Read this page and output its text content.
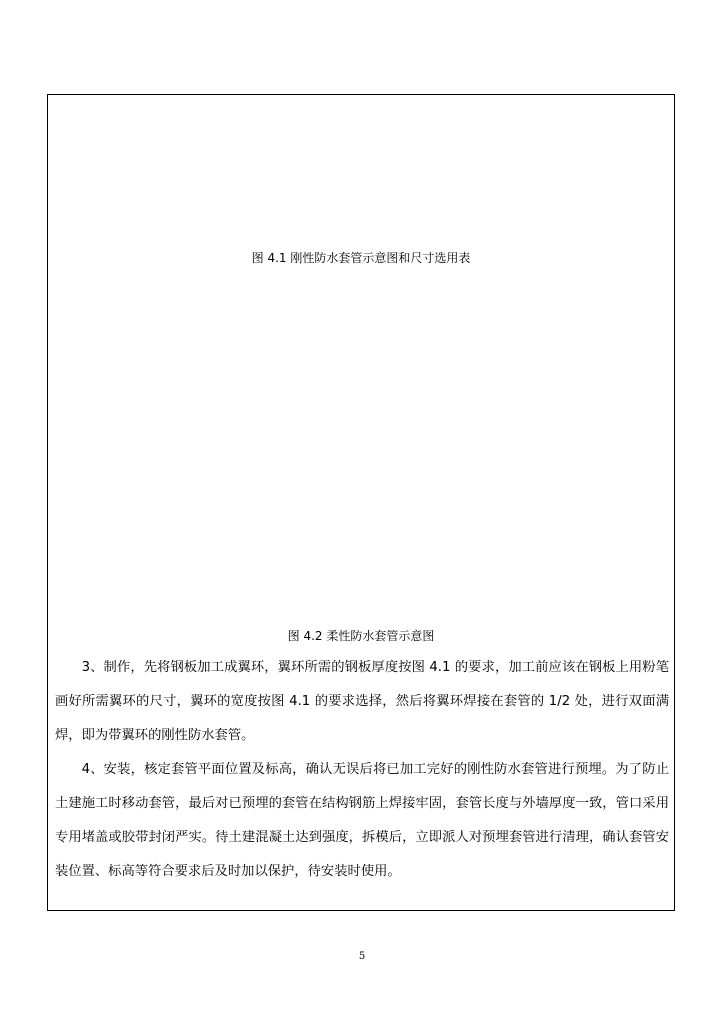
图 4.1 刚性防水套管示意图和尺寸选用表
图 4.2 柔性防水套管示意图

3、制作，先将钢板加工成翼环，翼环所需的钢板厚度按图 4.1 的要求，加工前应该在钢板上用粉笔画好所需翼环的尺寸，翼环的宽度按图 4.1 的要求选择，然后将翼环焊接在套管的 1/2 处，进行双面满焊，即为带翼环的刚性防水套管。

4、安装，核定套管平面位置及标高，确认无误后将已加工完好的刚性防水套管进行预埋。为了防止土建施工时移动套管，最后对已预埋的套管在结构钢筋上焊接牢固，套管长度与外墙厚度一致，管口采用专用堵盖或胶带封闭严实。待土建混凝土达到强度，拆模后，立即派人对预埋套管进行清理，确认套管安装位置、标高等符合要求后及时加以保护，待安装时使用。

5
